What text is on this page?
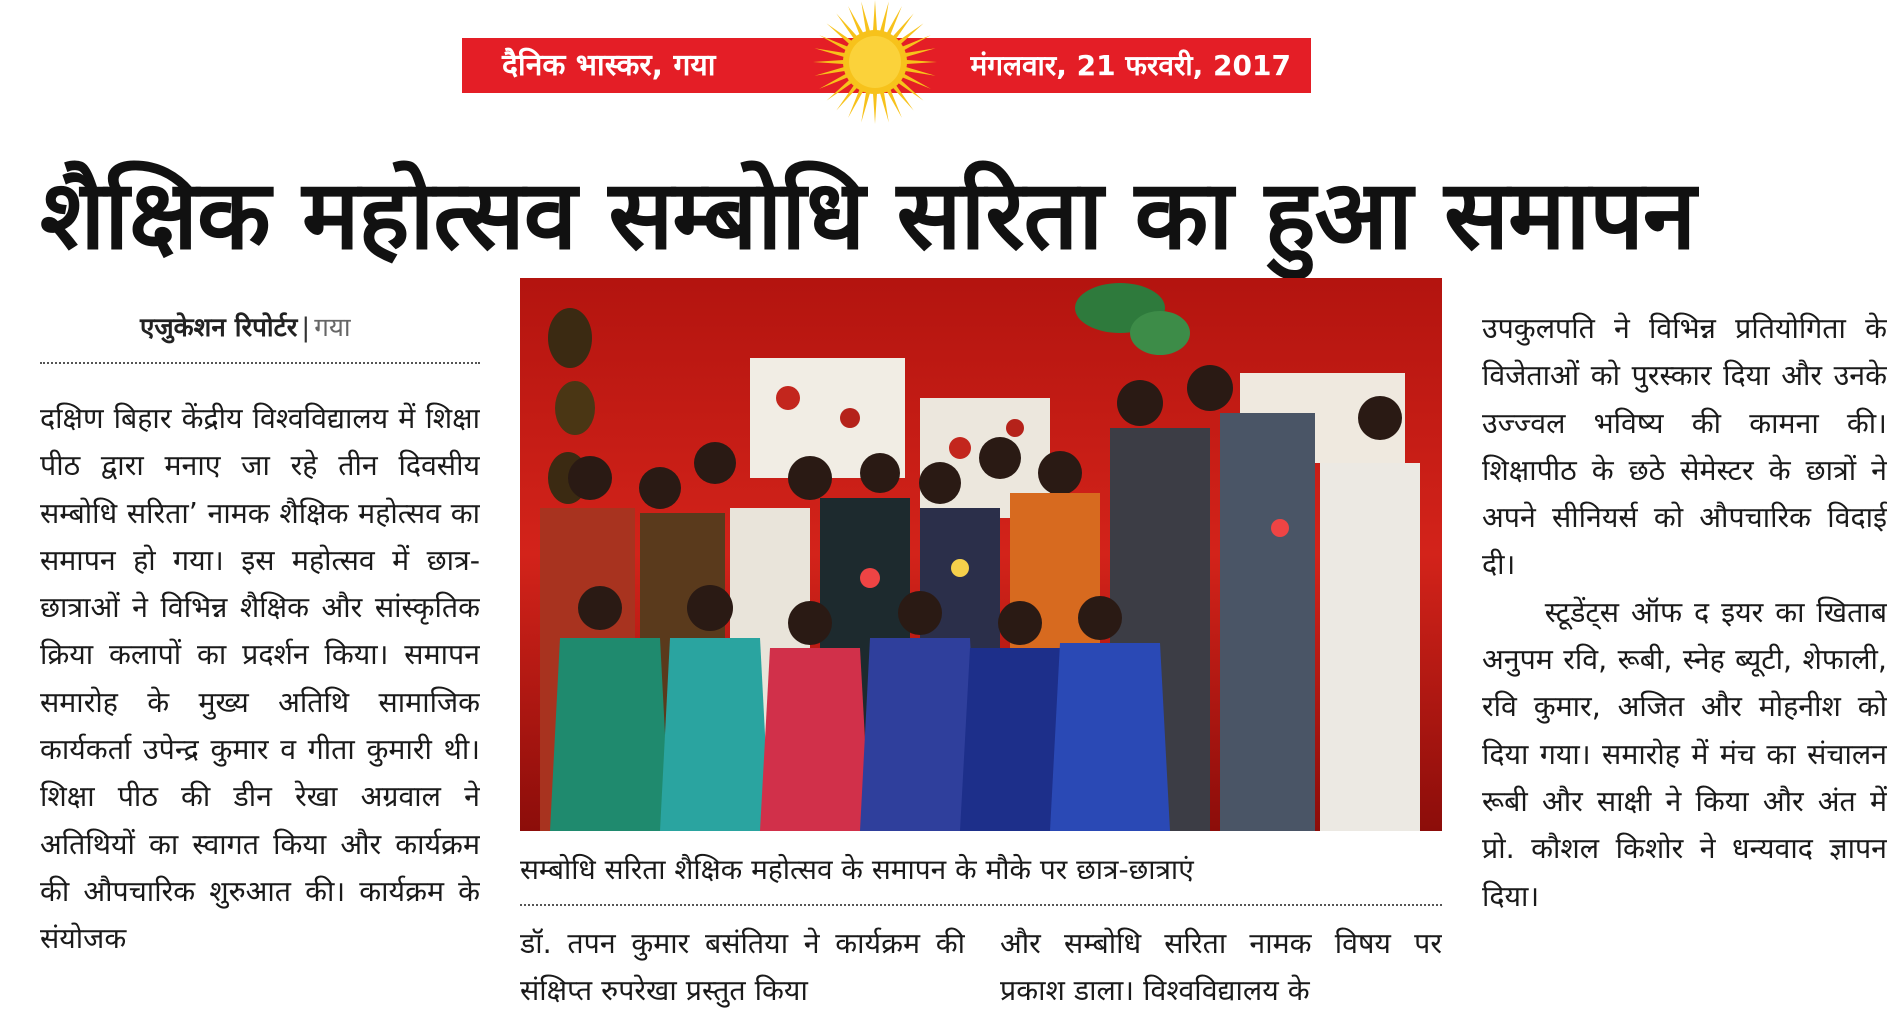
दैनिक भास्कर, गया	मंगलवार, 21 फरवरी, 2017
शैक्षिक महोत्सव सम्बोधि सरिता का हुआ समापन
एजुकेशन रिपोर्टर | गया

दक्षिण बिहार केंद्रीय विश्वविद्यालय में शिक्षा पीठ द्वारा मनाए जा रहे तीन दिवसीय सम्बोधि सरिता’ नामक शैक्षिक महोत्सव का समापन हो गया। इस महोत्सव में छात्र-छात्राओं ने विभिन्न शैक्षिक और सांस्कृतिक क्रिया कलापों का प्रदर्शन किया। समापन समारोह के मुख्य अतिथि सामाजिक कार्यकर्ता उपेन्द्र कुमार व गीता कुमारी थी। शिक्षा पीठ की डीन रेखा अग्रवाल ने अतिथियों का स्वागत किया और कार्यक्रम की औपचारिक शुरुआत की। कार्यक्रम के संयोजक

सम्बोधि सरिता शैक्षिक महोत्सव के समापन के मौके पर छात्र-छात्राएं

डॉ. तपन कुमार बसंतिया ने कार्यक्रम की संक्षिप्त रुपरेखा प्रस्तुत किया

और सम्बोधि सरिता नामक विषय पर प्रकाश डाला। विश्वविद्यालय के

उपकुलपति ने विभिन्न प्रतियोगिता के विजेताओं को पुरस्कार दिया और उनके उज्ज्वल भविष्य की कामना की। शिक्षापीठ के छठे सेमेस्टर के छात्रों ने अपने सीनियर्स को औपचारिक विदाई दी।

स्टूडेंट्स ऑफ द इयर का खिताब अनुपम रवि, रूबी, स्नेह ब्यूटी, शेफाली, रवि कुमार, अजित और मोहनीश को दिया गया। समारोह में मंच का संचालन रूबी और साक्षी ने किया और अंत में प्रो. कौशल किशोर ने धन्यवाद ज्ञापन दिया।
